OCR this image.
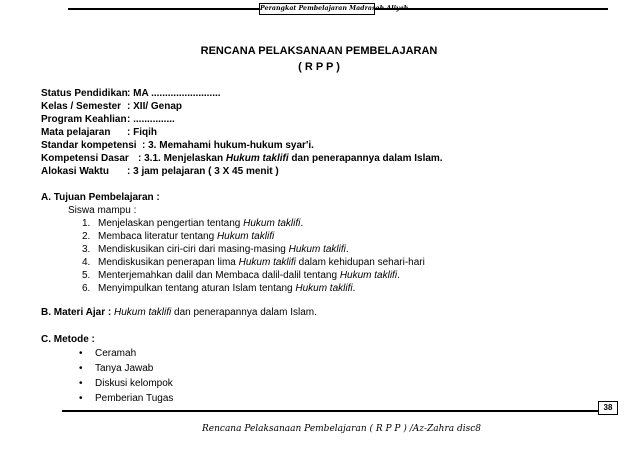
Perangkat Pembelajaran Madrasah Aliyah
RENCANA PELAKSANAAN PEMBELAJARAN
( R P P )
Status Pendidikan: MA .........................
Kelas / Semester : XII/ Genap
Program Keahlian: ...............
Mata pelajaran : Fiqih
Standar kompetensi : 3. Memahami hukum-hukum syar'i.
Kompetensi Dasar : 3.1. Menjelaskan Hukum taklifi dan penerapannya dalam Islam.
Alokasi Waktu : 3 jam pelajaran ( 3 X 45 menit )
A. Tujuan Pembelajaran :
Siswa mampu :
1. Menjelaskan pengertian tentang Hukum taklifi.
2. Membaca literatur tentang Hukum taklifi
3. Mendiskusikan ciri-ciri dari masing-masing Hukum taklifi.
4. Mendiskusikan penerapan lima Hukum taklifi dalam kehidupan sehari-hari
5. Menterjemahkan dalil dan Membaca dalil-dalil tentang Hukum taklifi.
6. Menyimpulkan tentang aturan Islam tentang Hukum taklifi.
B. Materi Ajar : Hukum taklifi dan penerapannya dalam Islam.
C. Metode :
• Ceramah
• Tanya Jawab
• Diskusi kelompok
• Pemberian Tugas
38
Rencana Pelaksanaan Pembelajaran ( R P P ) /Az-Zahra disc8
